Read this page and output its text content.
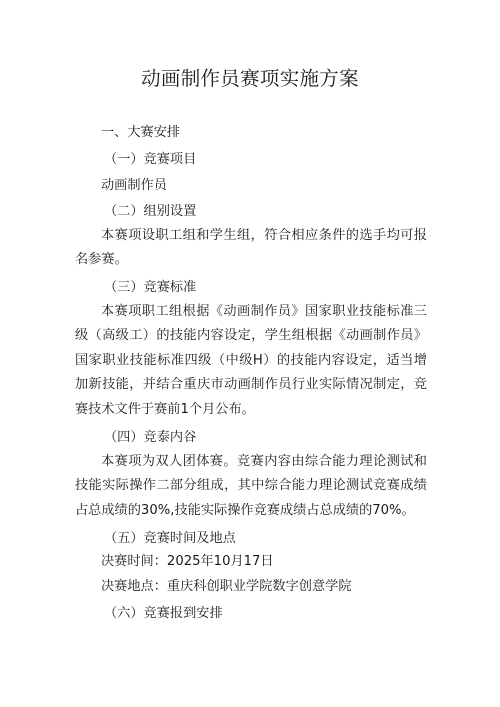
动画制作员赛项实施方案
一、大赛安排
（一）竞赛项目
动画制作员
（二）组别设置

本赛项设职工组和学生组，符合相应条件的选手均可报名参赛。

（三）竞赛标准

本赛项职工组根据《动画制作员》国家职业技能标准三级（高级工）的技能内容设定，学生组根据《动画制作员》国家职业技能标准四级（中级H）的技能内容设定，适当增加新技能，并结合重庆市动画制作员行业实际情况制定，竞赛技术文件于赛前1个月公布。

（四）竞泰内谷

本赛项为双人团体赛。竞赛内容由综合能力理论测试和技能实际操作二部分组成，其中综合能力理论测试竞赛成绩占总成绩的30%,技能实际操作竞赛成绩占总成绩的70%。

（五）竞赛时间及地点
决赛时间：2025年10月17日
决赛地点：重庆科创职业学院数字创意学院
（六）竞赛报到安排
